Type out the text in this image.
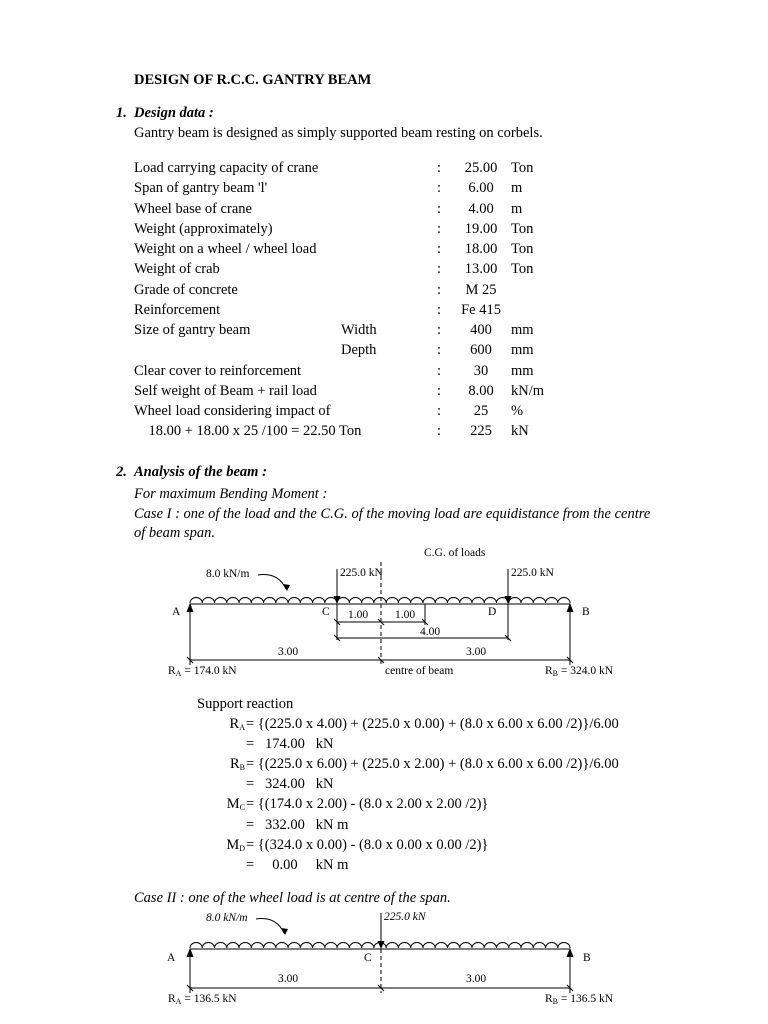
DESIGN OF R.C.C. GANTRY BEAM
1. Design data :
Gantry beam is designed as simply supported beam resting on corbels.
Load carrying capacity of crane	:	25.00 Ton
Span of gantry beam 'l'	:	6.00	m
Wheel base of crane	:	4.00	m
Weight (approximately)	:	19.00 Ton
Weight on a wheel / wheel load	:	18.00 Ton
Weight of crab	:	13.00 Ton
Grade of concrete	:	M 25
Reinforcement	:	Fe 415
Size of gantry beam	Width	:	400	mm
Depth	:	600	mm
Clear cover to reinforcement	:	30	mm
Self weight of Beam + rail load	:	8.00	kN/m
Wheel load considering impact of	:	25	%
18.00 + 18.00 x 25 /100 = 22.50 Ton	:	225	kN
2. Analysis of the beam :
For maximum Bending Moment :
Case I : one of the load and the C.G. of the moving load are equidistance from the centre
of beam span.
C.G. of loads
8.0 kN/m	225.0 kN	225.0 kN
A	B
C	D
1.00 1.00
4.00
3.00	3.00
$R_A = 174.0$ kN	centre of beam	$R_B = 324.0$ kN
Support reaction
$R_A = \{(225.0$ x 4.00) + (225.0 x 0.00) + (8.0 x 6.00 x 6.00 /2)}/6.00
=   174.00   kN
$R_B = \{(225.0$ x 6.00) + (225.0 x 2.00) + (8.0 x 6.00 x 6.00 /2)}/6.00
=   324.00   kN
$M_C = \{(174.0$ x 2.00) - (8.0 x 2.00 x 2.00 /2)}
=   332.00   kN m
$M_D = \{(324.0$ x 0.00) - (8.0 x 0.00 x 0.00 /2)}
=     0.00     kN m
Case II : one of the wheel load is at centre of the span.
8.0 kN/m	225.0 kN
A	B
C
3.00	3.00
$R_A = 136.5$ kN	$R_B = 136.5$ kN
